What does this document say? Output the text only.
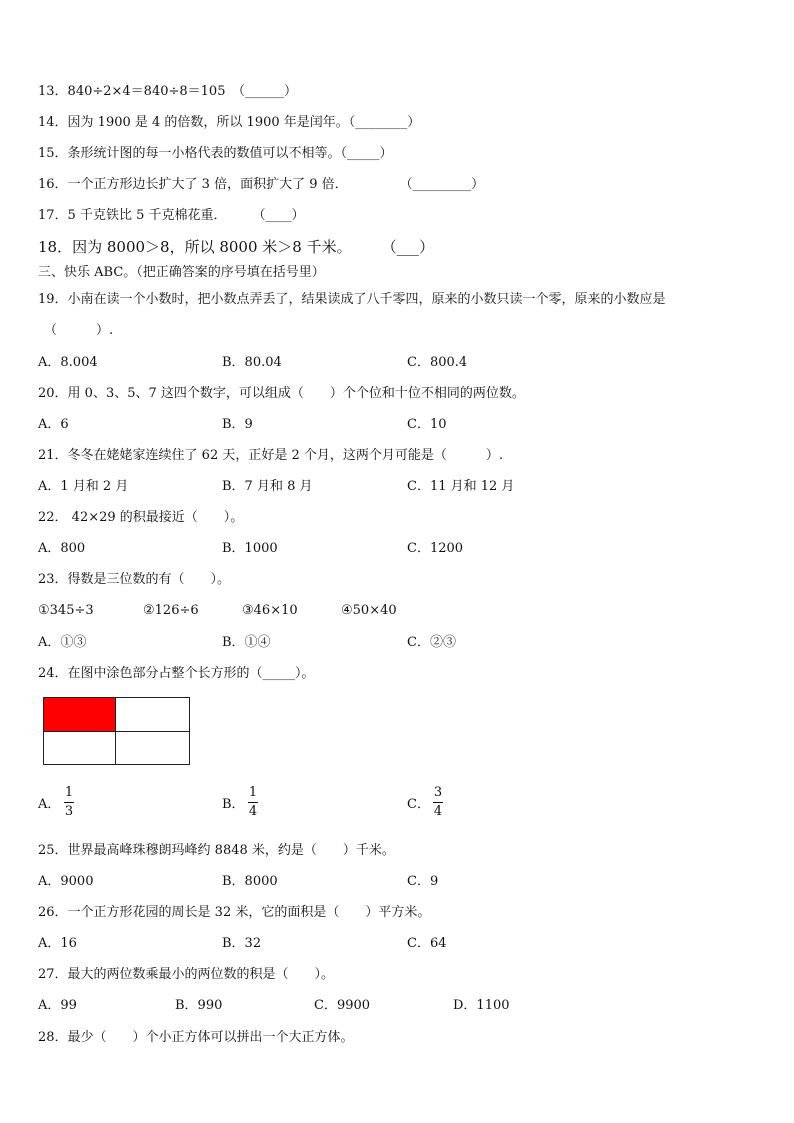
13．840÷2×4＝840÷8＝105　（______）
14．因为 1900 是 4 的倍数，所以 1900 年是闰年。（________）
15．条形统计图的每一小格代表的数值可以不相等。（_____）
16．一个正方形边长扩大了 3 倍，面积扩大了 9 倍．　　　　　（_________）
17．5 千克铁比 5 千克棉花重．　　　（____）
18．因为 8000＞8，所以 8000 米＞8 千米。　　　（___）
三、快乐 ABC。（把正确答案的序号填在括号里）
19．小南在读一个小数时，把小数点弄丢了，结果读成了八千零四，原来的小数只读一个零，原来的小数应是
（　　　）.
A．8.004	B．80.04	C．800.4
20．用 0、3、5、7 这四个数字，可以组成（　　）个个位和十位不相同的两位数。
A．6	B．9	C．10
21．冬冬在姥姥家连续住了 62 天，正好是 2 个月，这两个月可能是（　　　）.
A．1 月和 2 月	B．7 月和 8 月	C．11 月和 12 月
22． 42×29 的积最接近（　　）。
A．800	B．1000	C．1200
23．得数是三位数的有（　　）。
①345÷3	②126÷6	③46×10	④50×40
A．①③	B．①④	C．②③
24．在图中涂色部分占整个长方形的（_____）。
A．
1
3	B．
1
4	C．
3
4
25．世界最高峰珠穆朗玛峰约 8848 米，约是（　　）千米。
A．9000	B．8000	C．9
26．一个正方形花园的周长是 32 米，它的面积是（　　）平方米。
A．16	B．32	C．64
27．最大的两位数乘最小的两位数的积是（　　）。
A．99	B．990	C．9900	D．1100
28．最少（　　）个小正方体可以拼出一个大正方体。
